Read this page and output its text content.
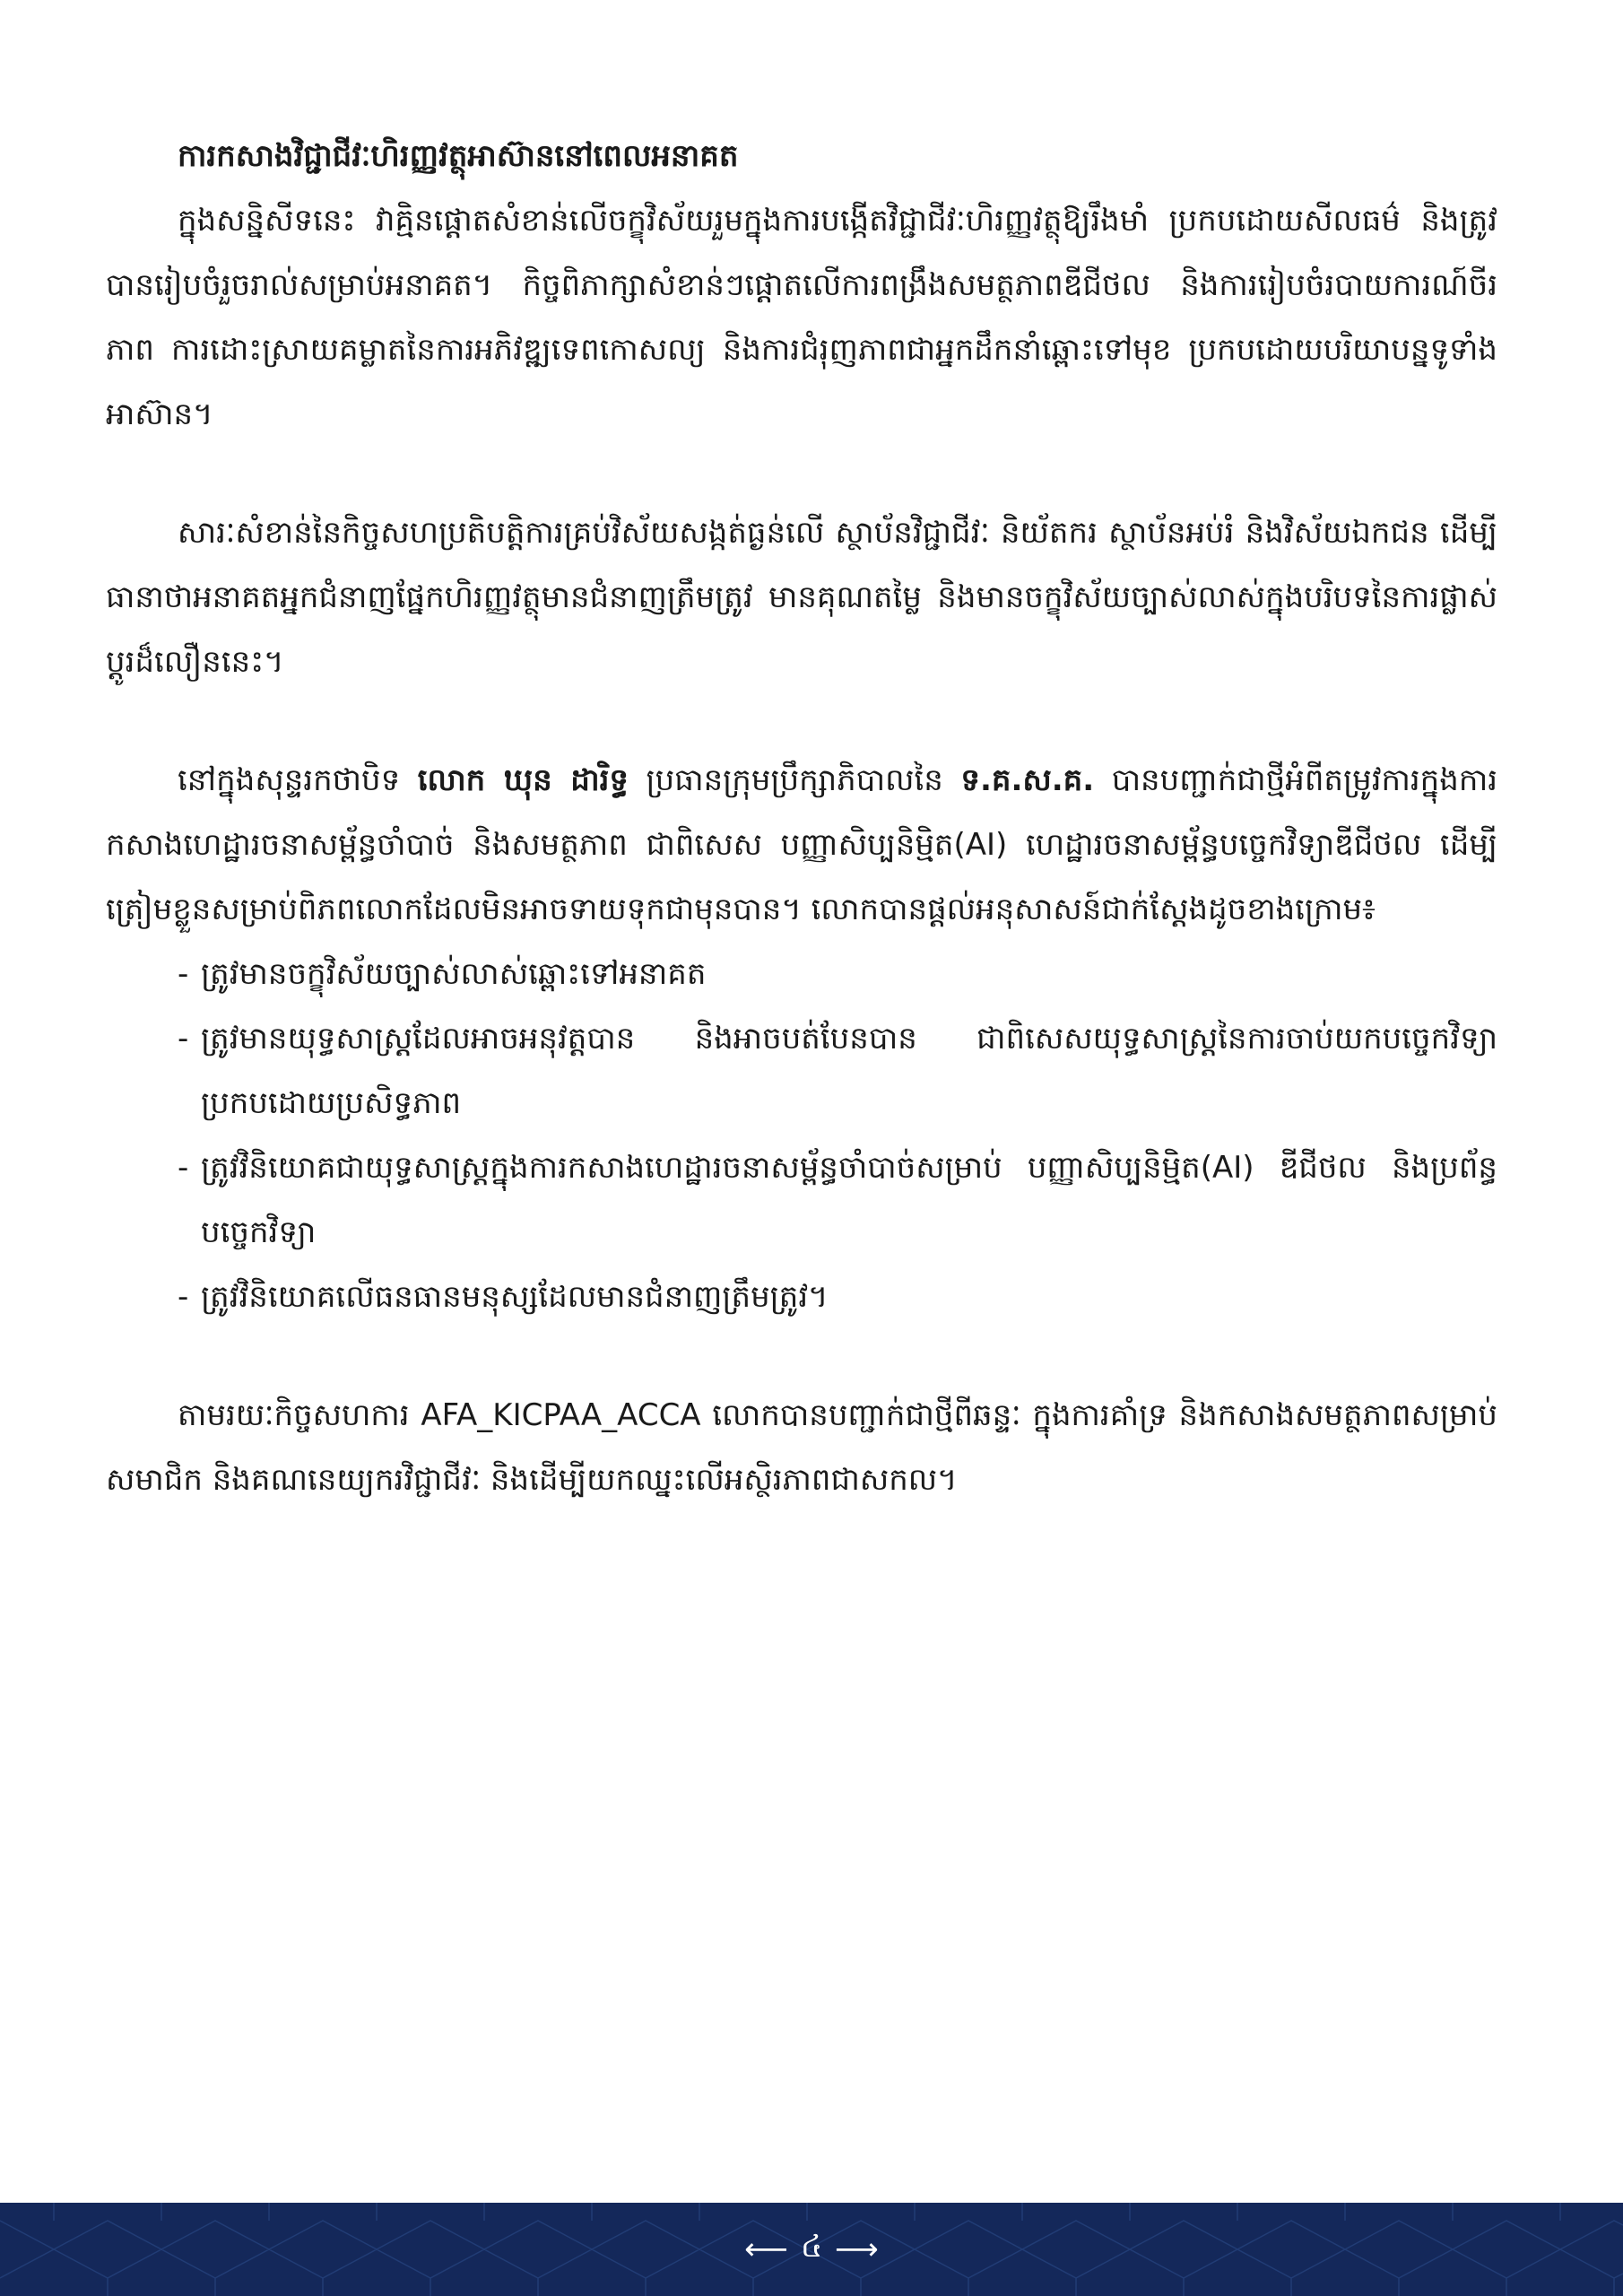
ការកសាងវិជ្ជាជីវៈហិរញ្ញវត្ថុអាស៊ាននៅពេលអនាគត

ក្នុងសន្និសីទនេះ វាគ្មិនផ្ដោតសំខាន់លើចក្ខុវិស័យរួមក្នុងការបង្កើតវិជ្ជាជីវៈហិរញ្ញវត្ថុឱ្យរឹងមាំ ប្រកបដោយសីលធម៌ និងត្រូវបានរៀបចំរួចរាល់សម្រាប់អនាគត។ កិច្ចពិភាក្សាសំខាន់ៗផ្ដោតលើការពង្រឹងសមត្ថភាពឌីជីថល និងការរៀបចំរបាយការណ៍ចីរភាព ការដោះស្រាយគម្លាតនៃការអភិវឌ្ឍទេពកោសល្យ និងការជំរុញភាពជាអ្នកដឹកនាំឆ្ពោះទៅមុខ ប្រកបដោយបរិយាបន្នទូទាំងអាស៊ាន។

សារៈសំខាន់នៃកិច្ចសហប្រតិបត្តិការគ្រប់វិស័យសង្កត់ធ្ងន់លើ ស្ថាប័នវិជ្ជាជីវៈ និយ័តករ ស្ថាប័នអប់រំ និងវិស័យឯកជន ដើម្បីធានាថាអនាគតអ្នកជំនាញផ្នែកហិរញ្ញវត្ថុមានជំនាញត្រឹមត្រូវ មានគុណតម្លៃ និងមានចក្ខុវិស័យច្បាស់លាស់ក្នុងបរិបទនៃការផ្លាស់ប្ដូរដ៏លឿននេះ។

នៅក្នុងសុន្ទរកថាបិទ លោក ឃុន ដារិទ្ធ ប្រធានក្រុមប្រឹក្សាភិបាលនៃ ទ.គ.ស.គ. បានបញ្ជាក់ជាថ្មីអំពីតម្រូវការក្នុងការកសាងហេដ្ឋារចនាសម្ព័ន្ធចាំបាច់ និងសមត្ថភាព ជាពិសេស បញ្ញាសិប្បនិម្មិត(AI) ហេដ្ឋារចនាសម្ព័ន្ធបច្ចេកវិទ្យាឌីជីថល ដើម្បីត្រៀមខ្លួនសម្រាប់ពិភពលោកដែលមិនអាចទាយទុកជាមុនបាន។ លោកបានផ្ដល់អនុសាសន៍ជាក់ស្ដែងដូចខាងក្រោម៖

- ត្រូវមានចក្ខុវិស័យច្បាស់លាស់ឆ្ពោះទៅអនាគត
- ត្រូវមានយុទ្ធសាស្ត្រដែលអាចអនុវត្តបាន និងអាចបត់បែនបាន ជាពិសេសយុទ្ធសាស្ត្រនៃការចាប់យកបច្ចេកវិទ្យាប្រកបដោយប្រសិទ្ធភាព
- ត្រូវវិនិយោគជាយុទ្ធសាស្ត្រក្នុងការកសាងហេដ្ឋារចនាសម្ព័ន្ធចាំបាច់សម្រាប់ បញ្ញាសិប្បនិម្មិត(AI) ឌីជីថល និងប្រព័ន្ធបច្ចេកវិទ្យា
- ត្រូវវិនិយោគលើធនធានមនុស្សដែលមានជំនាញត្រឹមត្រូវ។

តាមរយៈកិច្ចសហការ AFA_KICPAA_ACCA លោកបានបញ្ជាក់ជាថ្មីពីឆន្ទៈ ក្នុងការគាំទ្រ និងកសាងសមត្ថភាពសម្រាប់សមាជិក និងគណនេយ្យករវិជ្ជាជីវៈ និងដើម្បីយកឈ្នះលើអស្ថិរភាពជាសកល។

⟵ ៤ ⟶
